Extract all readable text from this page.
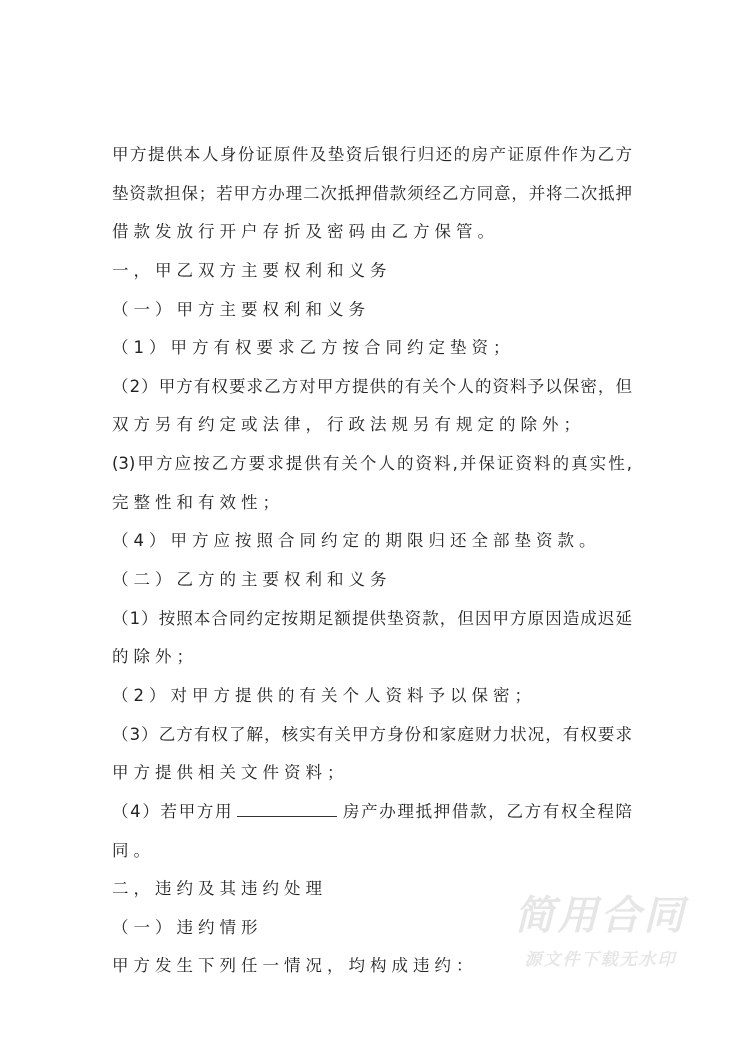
甲方提供本人身份证原件及垫资后银行归还的房产证原件作为乙方
垫资款担保；若甲方办理二次抵押借款须经乙方同意，并将二次抵押
借款发放行开户存折及密码由乙方保管。
一，甲乙双方主要权利和义务
（一）甲方主要权利和义务
（1）甲方有权要求乙方按合同约定垫资；
（2）甲方有权要求乙方对甲方提供的有关个人的资料予以保密，但
双方另有约定或法律，行政法规另有规定的除外；
(3)甲方应按乙方要求提供有关个人的资料,并保证资料的真实性,
完整性和有效性；
（4）甲方应按照合同约定的期限归还全部垫资款。
（二）乙方的主要权利和义务
（1）按照本合同约定按期足额提供垫资款，但因甲方原因造成迟延
的除外；
（2）对甲方提供的有关个人资料予以保密；
（3）乙方有权了解，核实有关甲方身份和家庭财力状况，有权要求
甲方提供相关文件资料；
（4）若甲方用	房产办理抵押借款，乙方有权全程陪
同。
二，违约及其违约处理
（一）违约情形
甲方发生下列任一情况，均构成违约：
简用合同
源文件下载无水印
